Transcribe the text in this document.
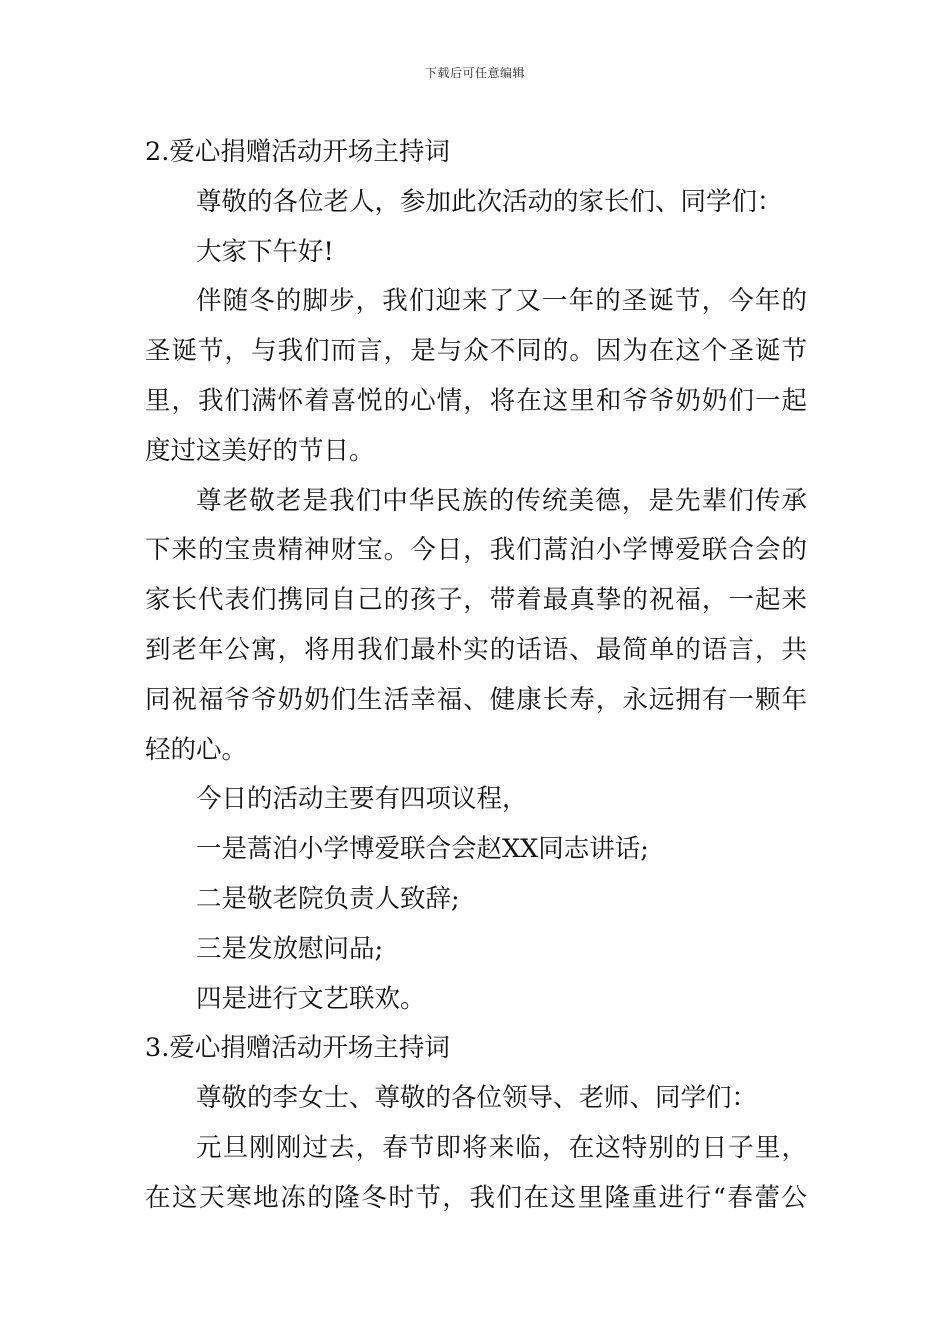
下载后可任意编辑
2.爱心捐赠活动开场主持词
尊敬的各位老人，参加此次活动的家长们、同学们：
大家下午好!
伴随冬的脚步，我们迎来了又一年的圣诞节，今年的
圣诞节，与我们而言，是与众不同的。因为在这个圣诞节
里，我们满怀着喜悦的心情，将在这里和爷爷奶奶们一起
度过这美好的节日。
尊老敬老是我们中华民族的传统美德，是先辈们传承
下来的宝贵精神财宝。今日，我们蒿泊小学博爱联合会的
家长代表们携同自己的孩子，带着最真挚的祝福，一起来
到老年公寓，将用我们最朴实的话语、最简单的语言，共
同祝福爷爷奶奶们生活幸福、健康长寿，永远拥有一颗年
轻的心。
今日的活动主要有四项议程，
一是蒿泊小学博爱联合会赵XX同志讲话;
二是敬老院负责人致辞;
三是发放慰问品;
四是进行文艺联欢。
3.爱心捐赠活动开场主持词
尊敬的李女士、尊敬的各位领导、老师、同学们：
元旦刚刚过去，春节即将来临，在这特别的日子里，
在这天寒地冻的隆冬时节，我们在这里隆重进行“春蕾公
